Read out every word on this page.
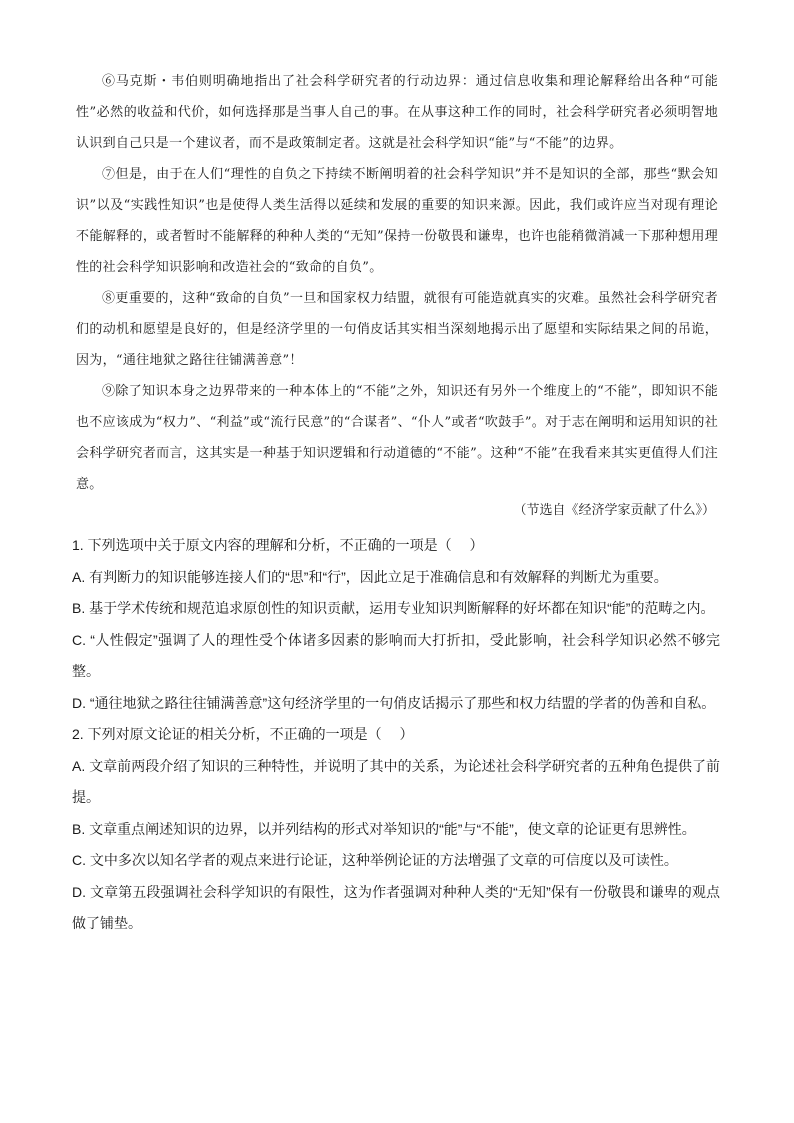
⑥马克斯・韦伯则明确地指出了社会科学研究者的行动边界：通过信息收集和理论解释给出各种“可能性”必然的收益和代价，如何选择那是当事人自己的事。在从事这种工作的同时，社会科学研究者必须明智地认识到自己只是一个建议者，而不是政策制定者。这就是社会科学知识“能”与“不能”的边界。

⑦但是，由于在人们“理性的自负之下持续不断阐明着的社会科学知识”并不是知识的全部，那些“默会知识”以及“实践性知识”也是使得人类生活得以延续和发展的重要的知识来源。因此，我们或许应当对现有理论不能解释的，或者暂时不能解释的种种人类的“无知”保持一份敬畏和谦卑，也许也能稍微消减一下那种想用理性的社会科学知识影响和改造社会的“致命的自负”。

⑧更重要的，这种“致命的自负”一旦和国家权力结盟，就很有可能造就真实的灾难。虽然社会科学研究者们的动机和愿望是良好的，但是经济学里的一句俏皮话其实相当深刻地揭示出了愿望和实际结果之间的吊诡，因为，“通往地狱之路往往铺满善意”！

⑨除了知识本身之边界带来的一种本体上的“不能”之外，知识还有另外一个维度上的“不能”，即知识不能也不应该成为“权力”、“利益”或“流行民意”的“合谋者”、“仆人”或者“吹鼓手”。对于志在阐明和运用知识的社会科学研究者而言，这其实是一种基于知识逻辑和行动道德的“不能”。这种“不能”在我看来其实更值得人们注意。

（节选自《经济学家贡献了什么》）

1. 下列选项中关于原文内容的理解和分析，不正确的一项是（　 ）

A. 有判断力的知识能够连接人们的“思”和“行”，因此立足于准确信息和有效解释的判断尤为重要。

B. 基于学术传统和规范追求原创性的知识贡献，运用专业知识判断解释的好坏都在知识“能”的范畴之内。

C. “人性假定”强调了人的理性受个体诸多因素的影响而大打折扣，受此影响，社会科学知识必然不够完整。

D. “通往地狱之路往往铺满善意”这句经济学里的一句俏皮话揭示了那些和权力结盟的学者的伪善和自私。

2. 下列对原文论证的相关分析，不正确的一项是（　 ）

A. 文章前两段介绍了知识的三种特性，并说明了其中的关系，为论述社会科学研究者的五种角色提供了前提。

B. 文章重点阐述知识的边界，以并列结构的形式对举知识的“能”与“不能”，使文章的论证更有思辨性。

C. 文中多次以知名学者的观点来进行论证，这种举例论证的方法增强了文章的可信度以及可读性。

D. 文章第五段强调社会科学知识的有限性，这为作者强调对种种人类的“无知”保有一份敬畏和谦卑的观点做了铺垫。
